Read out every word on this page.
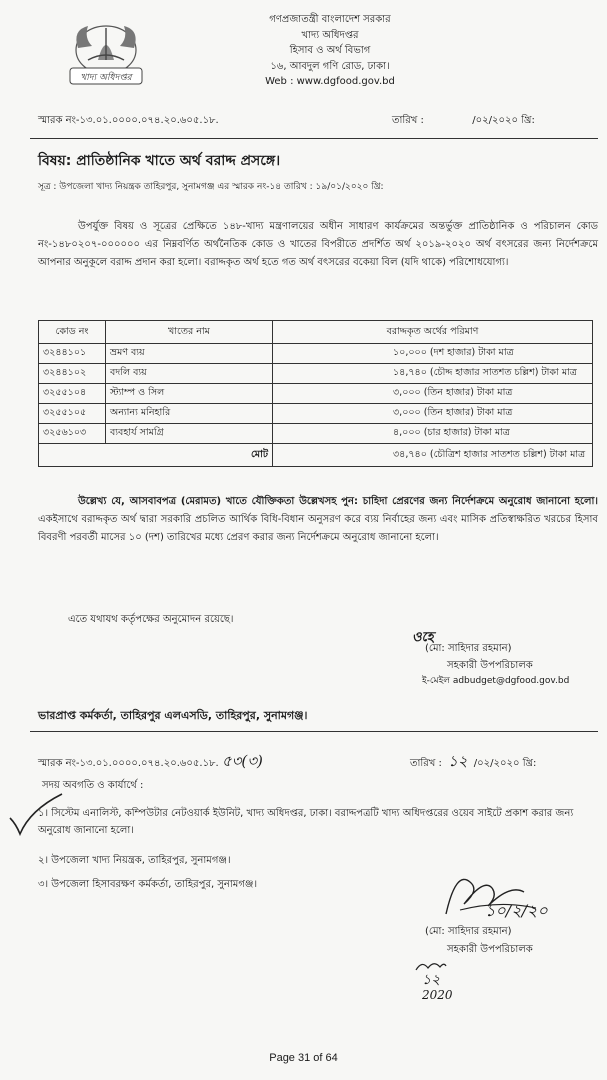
খাদ্য অধিদপ্তর
গণপ্রজাতন্ত্রী বাংলাদেশ সরকার
খাদ্য অধিদপ্তর
হিসাব ও অর্থ বিভাগ
১৬, আবদুল গণি রোড, ঢাকা।
Web : www.dgfood.gov.bd
স্মারক নং-১৩.০১.০০০০.০৭৪.২০.৬০৫.১৮.	তারিখ :	/০২/২০২০ খ্রি:
বিষয়: প্রাতিষ্ঠানিক খাতে অর্থ বরাদ্দ প্রসঙ্গে।
সূত্র : উপজেলা খাদ্য নিয়ন্ত্রক তাহিরপুর, সুনামগঞ্জ এর স্মারক নং-১৪ তারিখ : ১৯/০১/২০২০ খ্রি:
উপর্যুক্ত বিষয় ও সূত্রের প্রেক্ষিতে ১৪৮-খাদ্য মন্ত্রণালয়ের অধীন সাধারণ কার্যক্রমের অন্তর্ভুক্ত প্রাতিষ্ঠানিক ও পরিচালন কোড নং-১৪৮০২০৭-০০০০০০ এর নিম্নবর্ণিত অর্থনৈতিক কোড ও খাতের বিপরীতে প্রদর্শিত অর্থ ২০১৯-২০২০ অর্থ বৎসরের জন্য নির্দেশক্রমে আপনার অনুকূলে বরাদ্দ প্রদান করা হলো। বরাদ্দকৃত অর্থ হতে গত অর্থ বৎসরের বকেয়া বিল (যদি থাকে) পরিশোধযোগ্য।
কোড নং	খাতের নাম	বরাদ্দকৃত অর্থের পরিমাণ
৩২৪৪১০১	ভ্রমণ ব্যয়	১০,০০০ (দশ হাজার) টাকা মাত্র
৩২৪৪১০২	বদলি ব্যয়	১৪,৭৪০ (চৌদ্দ হাজার সাতশত চল্লিশ) টাকা মাত্র
৩২৫৫১০৪	স্ট্যাম্প ও সিল	৩,০০০ (তিন হাজার) টাকা মাত্র
৩২৫৫১০৫	অন্যান্য মনিহারি	৩,০০০ (তিন হাজার) টাকা মাত্র
৩২৫৬১০৩	ব্যবহার্য সামগ্রি	৪,০০০ (চার হাজার) টাকা মাত্র
মোট		৩৪,৭৪০ (চৌত্রিশ হাজার সাতশত চল্লিশ) টাকা মাত্র
উল্লেখ্য যে, আসবাবপত্র (মেরামত) খাতে যৌক্তিকতা উল্লেখসহ পুন: চাহিদা প্রেরণের জন্য নির্দেশক্রমে অনুরোধ জানানো হলো। একইসাথে বরাদ্দকৃত অর্থ দ্বারা সরকারি প্রচলিত আর্থিক বিধি-বিধান অনুসরণ করে ব্যয় নির্বাহের জন্য এবং মাসিক প্রতিস্বাক্ষরিত খরচের হিসাব বিবরণী পরবর্তী মাসের ১০ (দশ) তারিখের মধ্যে প্রেরণ করার জন্য নির্দেশক্রমে অনুরোধ জানানো হলো।
এতে যথাযথ কর্তৃপক্ষের অনুমোদন রয়েছে।
ওহে
(মো: সাহিদার রহমান)
সহকারী উপপরিচালক
ই-মেইল adbudget@dgfood.gov.bd
ভারপ্রাপ্ত কর্মকর্তা, তাহিরপুর এলএসডি, তাহিরপুর, সুনামগঞ্জ।
স্মারক নং-১৩.০১.০০০০.০৭৪.২০.৬০৫.১৮. ৫৩(৩)	তারিখ : ১২ /০২/২০২০ খ্রি:
সদয় অবগতি ও কার্যার্থে :
১। সিস্টেম এনালিস্ট, কম্পিউটার নেটওয়ার্ক ইউনিট, খাদ্য অধিদপ্তর, ঢাকা। বরাদ্দপত্রটি খাদ্য অধিদপ্তরের ওয়েব সাইটে প্রকাশ করার জন্য অনুরোধ জানানো হলো।
২। উপজেলা খাদ্য নিয়ন্ত্রক, তাহিরপুর, সুনামগঞ্জ।
৩। উপজেলা হিসাবরক্ষণ কর্মকর্তা, তাহিরপুর, সুনামগঞ্জ।
১০/২/২০
(মো: সাহিদার রহমান)
সহকারী উপপরিচালক
১২
2020
Page 31 of 64
